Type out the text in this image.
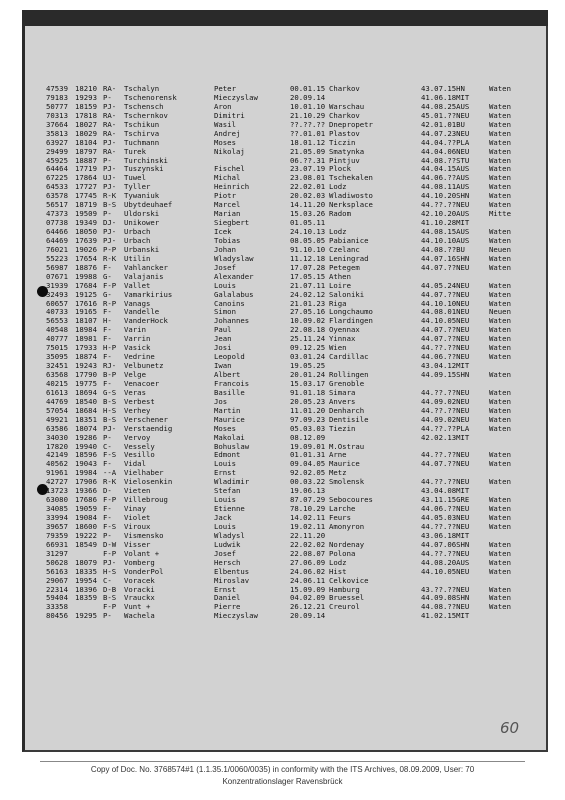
47539 18210 RA- Tschalyn	Peter	00.01.15 Charkov	43.07.15HN	Waten
79183 19293 P- Tschenorensk	Mieczyslaw	20.09.14	41.06.18MIT
50777 18159 PJ- Tschensch	Aron	10.01.10 Warschau	44.08.25AUS	Waten
70313 17818 RA- Tschernkov	Dimitri	21.10.29 Charkov	45.01.??NEU	Waten
37664 18027 RA- Tschikun	Wasil	??.??.?? Dnepropetr	42.01.01BU	Waten
35813 18029 RA- Tschirva	Andrej	??.01.01 Plastov	44.07.23NEU	Waten
63927 18104 PJ- Tuchmann	Moses	18.01.12 Ticzin	44.04.??PLA	Waten
29499 18797 RA- Turek	Nikolaj	21.05.09 Smatynka	44.04.06NEU	Waten
45925 18887 P- Turchinski	06.??.31 Pintjuv	44.08.??STU	Waten
64464 17719 PJ- Tuszynski	Fischel	23.07.19 Plock	44.04.15AUS	Waten
67225 17864 UJ- Tuwel	Michal	23.08.01 Tschekalen	44.06.??AUS	Waten
64533 17727 PJ- Tyller	Heinrich	22.02.01 Lodz	44.08.11AUS	Waten
63578 17745 R-K Tywaniuk	Piotr	20.02.03 Wladiwosto	44.10.20SHN	Waten
56517 18719 B-S Ubytdeuhaef	Marcel	14.11.20 Nerksplace	44.??.??NEU	Waten
47373 19509 P- Uldorski	Marian	15.03.26 Radom	42.10.20AUS	Mitte
07738 19349 DJ- Unikower	Siegbert	01.05.11	41.10.28MIT
64466 18050 PJ- Urbach	Icek	24.10.13 Lodz	44.08.15AUS	Waten
64469 17639 PJ- Urbach	Tobias	08.05.05 Pabianice	44.10.10AUS	Waten
76021 19026 P-P Urbanski	Johan	91.10.10 Czelanc	44.08.??BU	Neuen
55223 17654 R-K Utilin	Wladyslaw	11.12.18 Leningrad	44.07.16SHN	Waten
56987 18876 F- Vahlancker	Josef	17.07.28 Petegem	44.07.??NEU	Waten
07671 19988 G- Valajanis	Alexander	17.05.15 Athen
31939 17684 F-P Vallet	Louis	21.07.11 Loire	44.05.24NEU	Waten
32493 19125 G- Vamarkirius	Galalabus	24.02.12 Saloniki	44.07.??NEU	Waten
60657 17616 R-P Vanags	Canoins	21.01.23 Riga	44.10.10NEU	Waten
40733 19165 F- Vandelle	Simon	27.05.16 Longchaumo	44.08.01NEU	Neuen
56553 18107 H- VanderHock	Johannes	10.09.02 Flardingen	44.10.05NEU	Waten
40548 18984 F- Varin	Paul	22.08.18 Oyennax	44.07.??NEU	Waten
40777 18981 F- Varrin	Jean	25.11.24 Yinnax	44.07.??NEU	Waten
75015 17933 H-P Vasick	Josi	09.12.25 Wien	44.??.??NEU	Waten
35095 18874 F- Vedrine	Leopold	03.01.24 Cardillac	44.06.??NEU	Waten
32451 19243 RJ- Velbunetz	Iwan	19.05.25	43.04.12MIT
63568 17790 B-P Velge	Albert	20.01.24 Rollingen	44.09.15SHN	Waten
40215 19775 F- Venacoer	Francois	15.03.17 Grenoble
61613 18694 G-S Veras	Basille	91.01.18 Simara	44.??.??NEU	Waten
44769 18540 B-S Verbest	Jos	20.05.23 Anvers	44.09.02NEU	Waten
57054 18684 H-S Verhey	Martin	11.01.20 Denharch	44.??.??NEU	Waten
49921 18351 B-S Verschener	Maurice	97.09.23 Dentisile	44.09.02NEU	Waten
63586 18074 PJ- Verstaendig	Moses	05.03.03 Tiezin	44.??.??PLA	Waten
34030 19286 P- Vervoy	Makolai	08.12.09	42.02.13MIT
17820 19940 C- Vessely	Bohuslaw	19.09.01 M.Ostrau
42149 18596 F-S Vesillo	Edmont	01.01.31 Arne	44.??.??NEU	Waten
40562 19043 F- Vidal	Louis	09.04.05 Maurice	44.07.??NEU	Waten
91961 19984 --A Vielhaber	Ernst	92.02.05 Metz
42727 17906 R-K Vielosenkin	Wladimir	00.03.22 Smolensk	44.??.??NEU	Waten
13723 19366 D- Vieten	Stefan	19.06.13	43.04.08MIT
63080 17686 F-P Villebroug	Louis	87.07.29 Sebocoures	43.11.15GRE	Waten
34085 19059 F- Vinay	Etienne	78.10.29 Larche	44.06.??NEU	Waten
33994 19084 F- Violet	Jack	14.02.11 Feurs	44.05.03NEU	Waten
39657 18600 F-S Viroux	Louis	19.02.11 Amonyron	44.??.??NEU	Waten
79359 19222 P- Vismensko	Wladysl	22.11.20	43.06.18MIT
66931 18549 D-W Visser	Ludwik	22.02.02 Nordenay	44.07.06SHN	Waten
31297	F-P Volant +	Josef	22.08.07 Polona	44.??.??NEU	Waten
50628 18079 PJ- Vomberg	Hersch	27.06.09 Lodz	44.08.20AUS	Waten
56163 18335 H-S VonderPol	Elbentus	24.06.02 Hist	44.10.05NEU	Waten
29067 19954 C- Voracek	Miroslav	24.06.11 Celkovice
22314 18396 D-B Voracki	Ernst	15.09.09 Hamburg	43.??.??NEU	Waten
59404 18359 B-S Vrauckx	Daniel	04.02.09 Bruessel	44.09.08SHN	Waten
33358	F-P Vunt +	Pierre	26.12.21 Creurol	44.08.??NEU	Waten
80456 19295 P- Wachela	Mieczyslaw	20.09.14	41.02.15MIT
60
Copy of Doc. No. 3768574#1 (1.1.35.1/0060/0035) in conformity with the ITS Archives, 08.09.2009, User: 70
Konzentrationslager Ravensbrück
